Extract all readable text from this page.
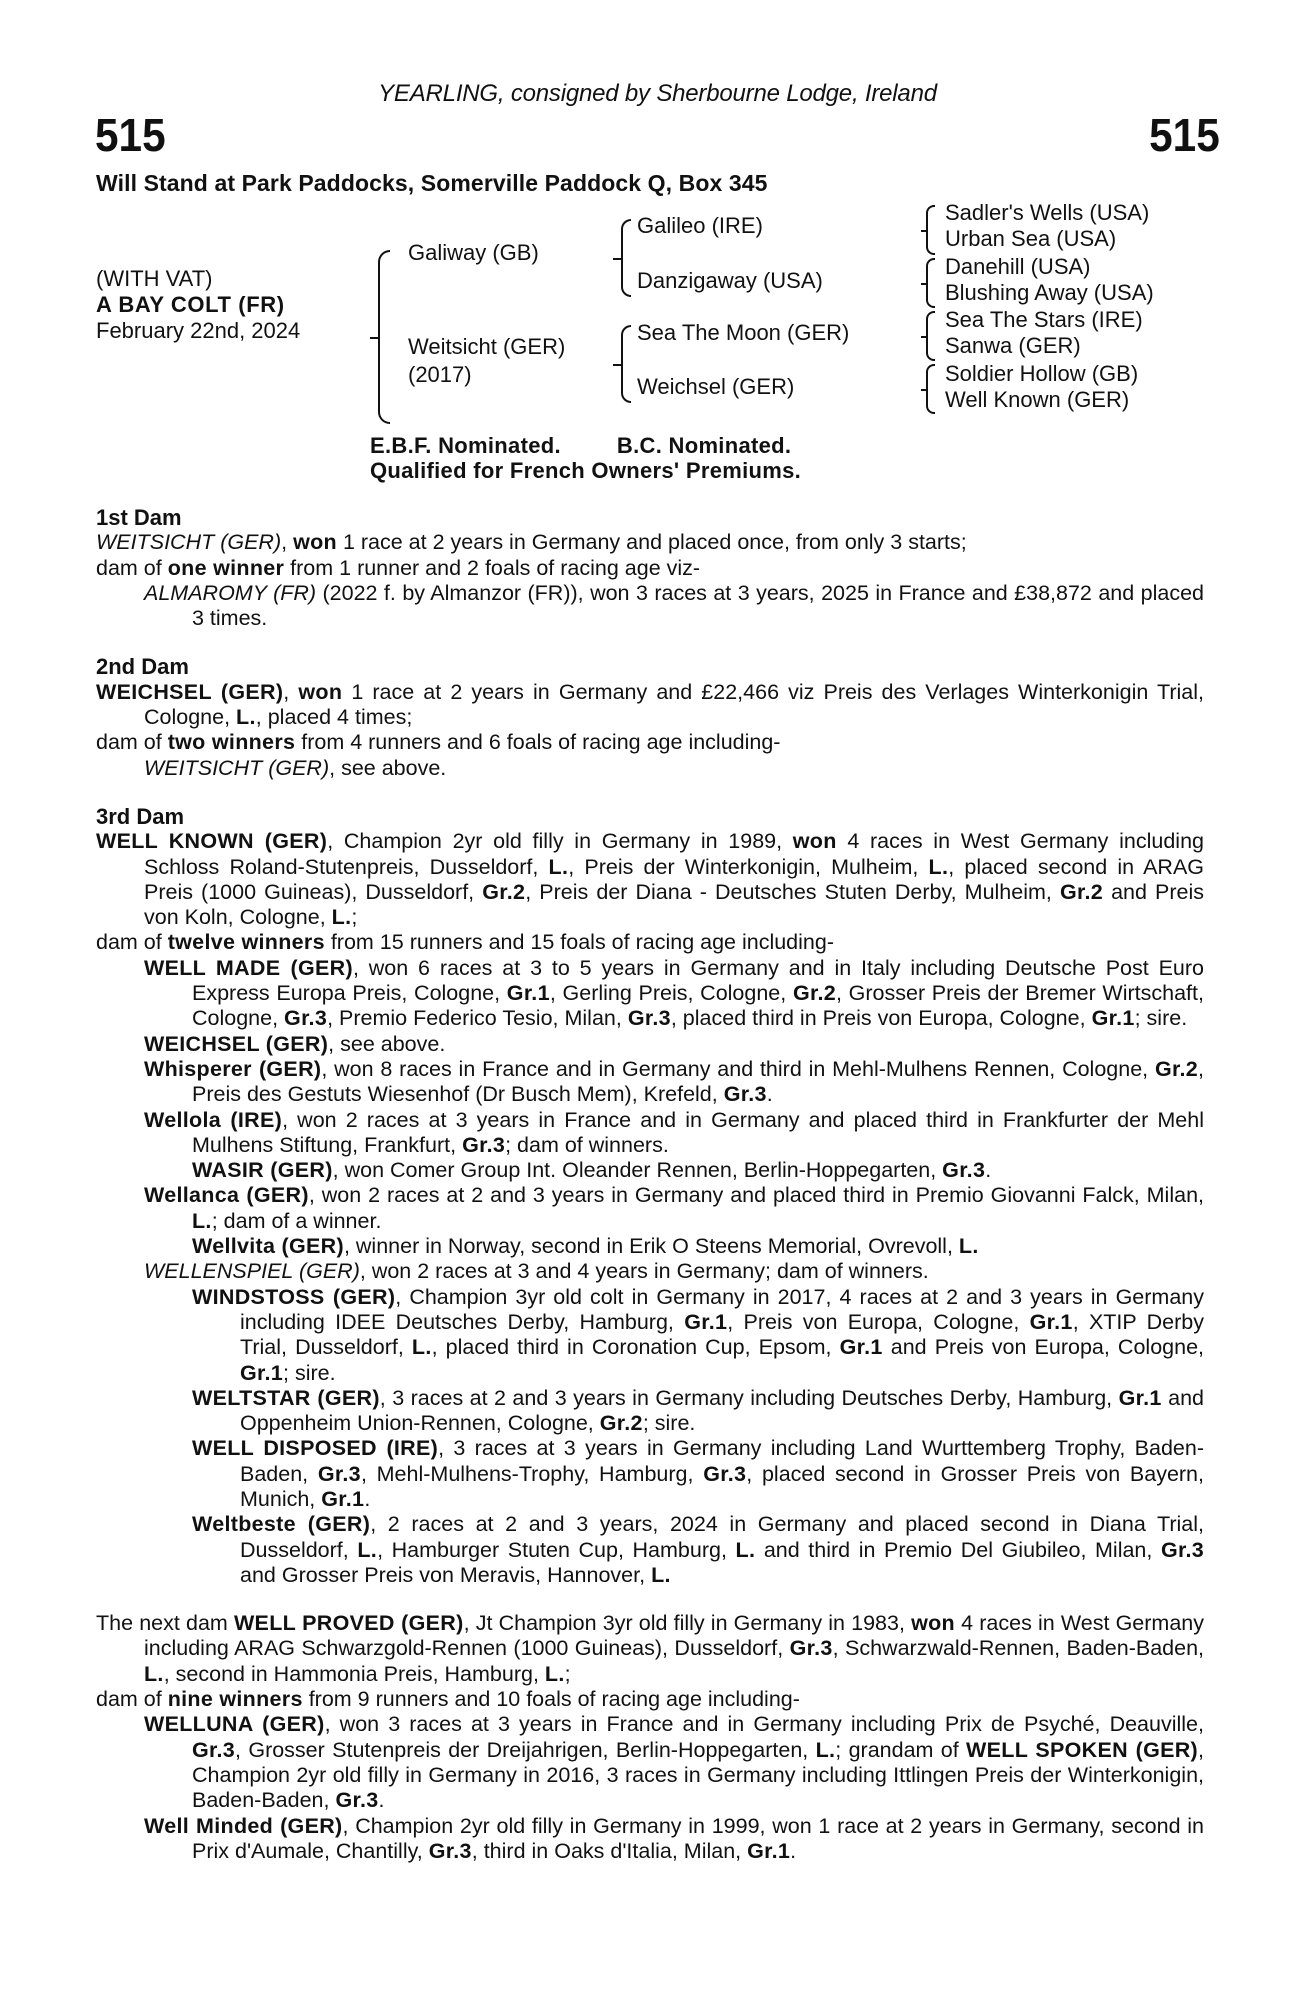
YEARLING, consigned by Sherbourne Lodge, Ireland
515	515
Will Stand at Park Paddocks, Somerville Paddock Q, Box 345
(WITH VAT)
A BAY COLT (FR)
February 22nd, 2024
Galiway (GB)
Weitsicht (GER)
(2017)
Galileo (IRE)
Danzigaway (USA)
Sea The Moon (GER)
Weichsel (GER)
Sadler's Wells (USA)
Urban Sea (USA)
Danehill (USA)
Blushing Away (USA)
Sea The Stars (IRE)
Sanwa (GER)
Soldier Hollow (GB)
Well Known (GER)
E.B.F. Nominated.	B.C. Nominated.
Qualified for French Owners' Premiums.
1st Dam
WEITSICHT (GER), won 1 race at 2 years in Germany and placed once, from only 3 starts;
dam of one winner from 1 runner and 2 foals of racing age viz-
ALMAROMY (FR) (2022 f. by Almanzor (FR)), won 3 races at 3 years, 2025 in France and £38,872 and placed 3 times.
2nd Dam
WEICHSEL (GER), won 1 race at 2 years in Germany and £22,466 viz Preis des Verlages Winterkonigin Trial, Cologne, L., placed 4 times;
dam of two winners from 4 runners and 6 foals of racing age including-
WEITSICHT (GER), see above.
3rd Dam
WELL KNOWN (GER), Champion 2yr old filly in Germany in 1989, won 4 races in West Germany including Schloss Roland-Stutenpreis, Dusseldorf, L., Preis der Winterkonigin, Mulheim, L., placed second in ARAG Preis (1000 Guineas), Dusseldorf, Gr.2, Preis der Diana - Deutsches Stuten Derby, Mulheim, Gr.2 and Preis von Koln, Cologne, L.;
dam of twelve winners from 15 runners and 15 foals of racing age including-
WELL MADE (GER), won 6 races at 3 to 5 years in Germany and in Italy including Deutsche Post Euro Express Europa Preis, Cologne, Gr.1, Gerling Preis, Cologne, Gr.2, Grosser Preis der Bremer Wirtschaft, Cologne, Gr.3, Premio Federico Tesio, Milan, Gr.3, placed third in Preis von Europa, Cologne, Gr.1; sire.
WEICHSEL (GER), see above.
Whisperer (GER), won 8 races in France and in Germany and third in Mehl-Mulhens Rennen, Cologne, Gr.2, Preis des Gestuts Wiesenhof (Dr Busch Mem), Krefeld, Gr.3.
Wellola (IRE), won 2 races at 3 years in France and in Germany and placed third in Frankfurter der Mehl Mulhens Stiftung, Frankfurt, Gr.3; dam of winners.
WASIR (GER), won Comer Group Int. Oleander Rennen, Berlin-Hoppegarten, Gr.3.
Wellanca (GER), won 2 races at 2 and 3 years in Germany and placed third in Premio Giovanni Falck, Milan, L.; dam of a winner.
Wellvita (GER), winner in Norway, second in Erik O Steens Memorial, Ovrevoll, L.
WELLENSPIEL (GER), won 2 races at 3 and 4 years in Germany; dam of winners.
WINDSTOSS (GER), Champion 3yr old colt in Germany in 2017, 4 races at 2 and 3 years in Germany including IDEE Deutsches Derby, Hamburg, Gr.1, Preis von Europa, Cologne, Gr.1, XTIP Derby Trial, Dusseldorf, L., placed third in Coronation Cup, Epsom, Gr.1 and Preis von Europa, Cologne, Gr.1; sire.
WELTSTAR (GER), 3 races at 2 and 3 years in Germany including Deutsches Derby, Hamburg, Gr.1 and Oppenheim Union-Rennen, Cologne, Gr.2; sire.
WELL DISPOSED (IRE), 3 races at 3 years in Germany including Land Wurttemberg Trophy, Baden-Baden, Gr.3, Mehl-Mulhens-Trophy, Hamburg, Gr.3, placed second in Grosser Preis von Bayern, Munich, Gr.1.
Weltbeste (GER), 2 races at 2 and 3 years, 2024 in Germany and placed second in Diana Trial, Dusseldorf, L., Hamburger Stuten Cup, Hamburg, L. and third in Premio Del Giubileo, Milan, Gr.3 and Grosser Preis von Meravis, Hannover, L.
The next dam WELL PROVED (GER), Jt Champion 3yr old filly in Germany in 1983, won 4 races in West Germany including ARAG Schwarzgold-Rennen (1000 Guineas), Dusseldorf, Gr.3, Schwarzwald-Rennen, Baden-Baden, L., second in Hammonia Preis, Hamburg, L.;
dam of nine winners from 9 runners and 10 foals of racing age including-
WELLUNA (GER), won 3 races at 3 years in France and in Germany including Prix de Psyché, Deauville, Gr.3, Grosser Stutenpreis der Dreijahrigen, Berlin-Hoppegarten, L.; grandam of WELL SPOKEN (GER), Champion 2yr old filly in Germany in 2016, 3 races in Germany including Ittlingen Preis der Winterkonigin, Baden-Baden, Gr.3.
Well Minded (GER), Champion 2yr old filly in Germany in 1999, won 1 race at 2 years in Germany, second in Prix d'Aumale, Chantilly, Gr.3, third in Oaks d'Italia, Milan, Gr.1.
